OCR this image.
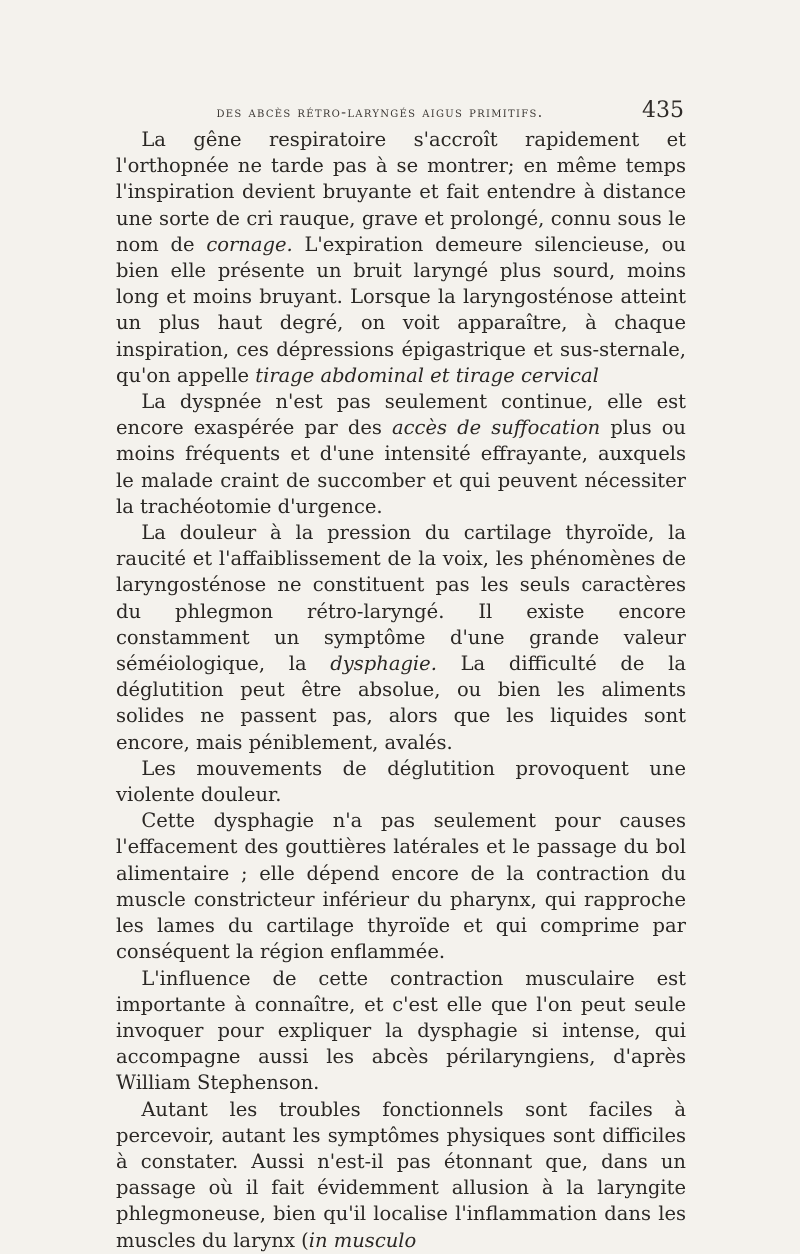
des abcès rétro-laryngés aigus primitifs.	435

La gêne respiratoire s'accroît rapidement et l'orthopnée ne tarde pas à se montrer; en même temps l'inspiration devient bruyante et fait entendre à distance une sorte de cri rauque, grave et prolongé, connu sous le nom de cornage. L'expiration demeure silencieuse, ou bien elle présente un bruit laryngé plus sourd, moins long et moins bruyant. Lorsque la laryngosténose atteint un plus haut degré, on voit apparaître, à chaque inspiration, ces dépressions épigastrique et sus-sternale, qu'on appelle tirage abdominal et tirage cervical

La dyspnée n'est pas seulement continue, elle est encore exaspérée par des accès de suffocation plus ou moins fréquents et d'une intensité effrayante, auxquels le malade craint de succomber et qui peuvent nécessiter la trachéotomie d'urgence.

La douleur à la pression du cartilage thyroïde, la raucité et l'affaiblissement de la voix, les phénomènes de laryngosténose ne constituent pas les seuls caractères du phlegmon rétro-laryngé. Il existe encore constamment un symptôme d'une grande valeur séméiologique, la dysphagie. La difficulté de la déglutition peut être absolue, ou bien les aliments solides ne passent pas, alors que les liquides sont encore, mais péniblement, avalés.

Les mouvements de déglutition provoquent une violente douleur.

Cette dysphagie n'a pas seulement pour causes l'effacement des gouttières latérales et le passage du bol alimentaire ; elle dépend encore de la contraction du muscle constricteur inférieur du pharynx, qui rapproche les lames du cartilage thyroïde et qui comprime par conséquent la région enflammée.

L'influence de cette contraction musculaire est importante à connaître, et c'est elle que l'on peut seule invoquer pour expliquer la dysphagie si intense, qui accompagne aussi les abcès périlaryngiens, d'après William Stephenson.

Autant les troubles fonctionnels sont faciles à percevoir, autant les symptômes physiques sont difficiles à constater. Aussi n'est-il pas étonnant que, dans un passage où il fait évidemment allusion à la laryngite phlegmoneuse, bien qu'il localise l'inflammation dans les muscles du larynx (in musculo
